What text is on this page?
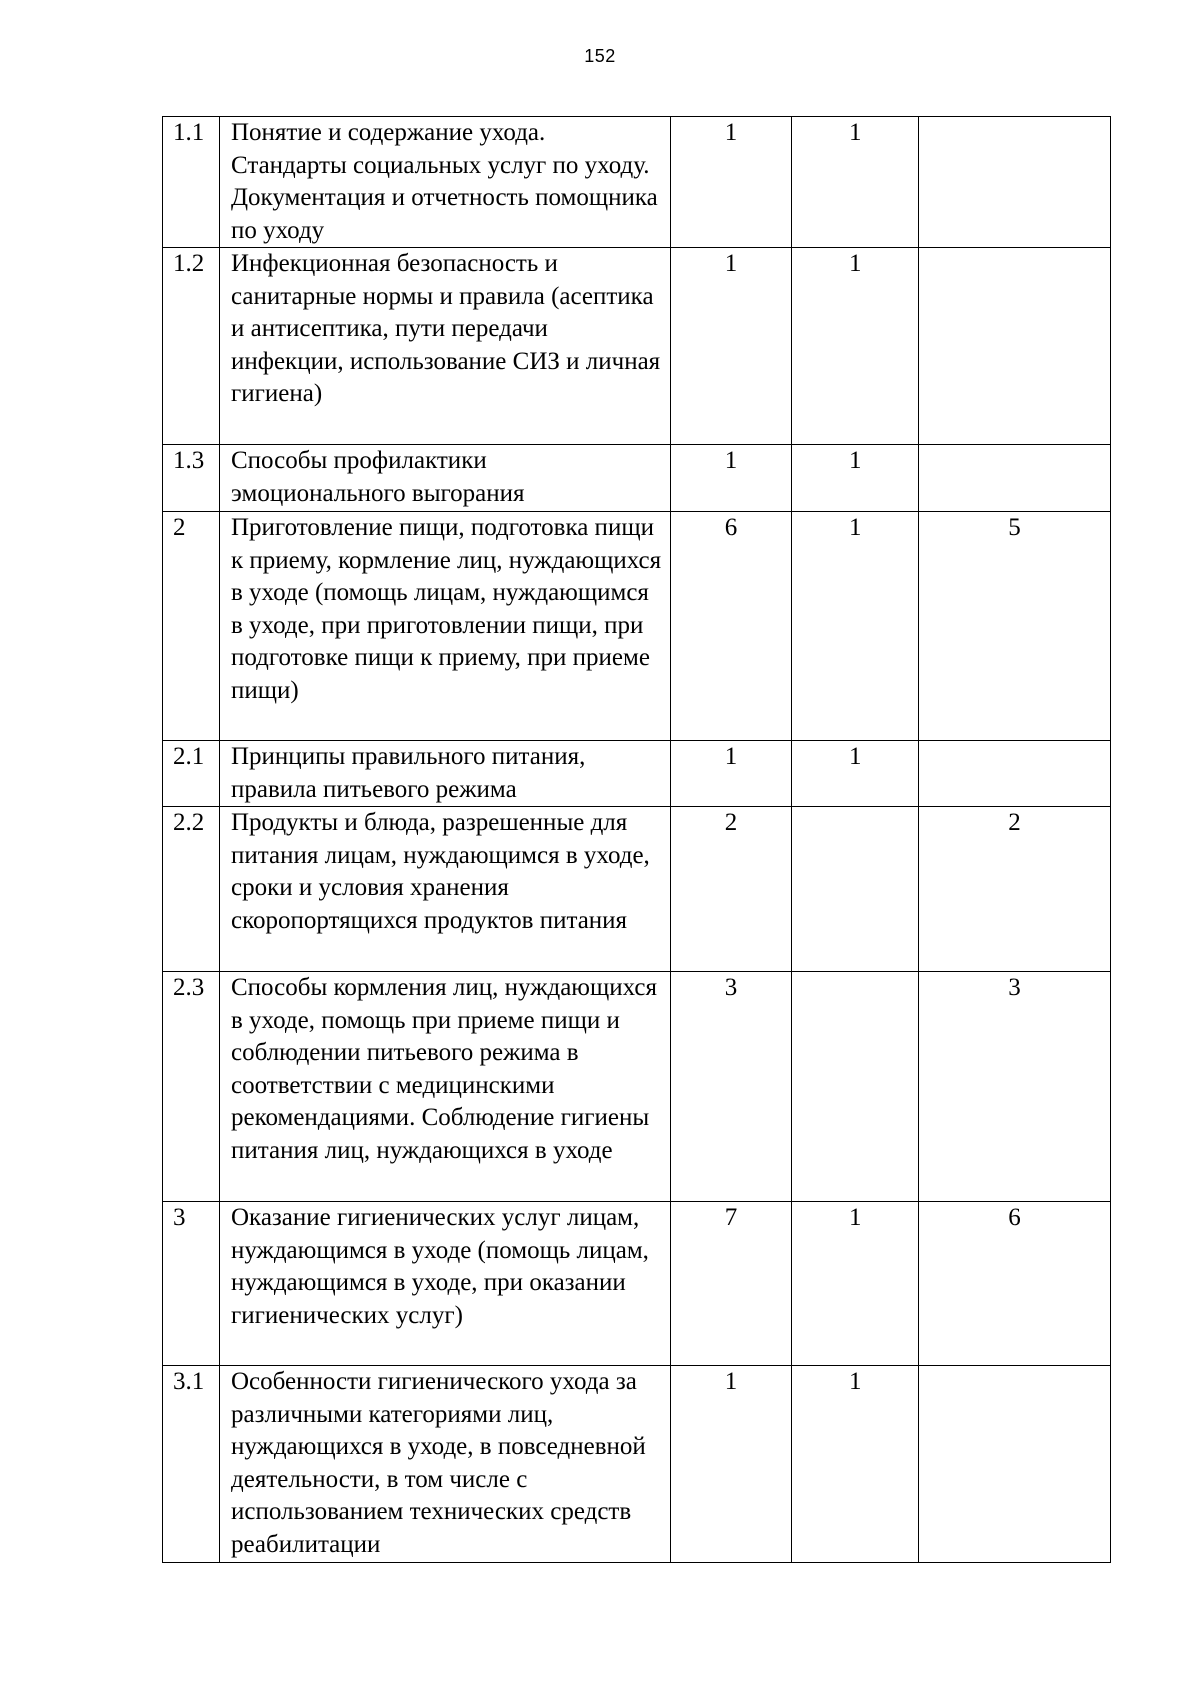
152
1.1	Понятие и содержание ухода. Стандарты социальных услуг по уходу. Документация и отчетность помощника по уходу	1	1	
1.2	Инфекционная безопасность и санитарные нормы и правила (асептика и антисептика, пути передачи инфекции, использование СИЗ и личная гигиена)	1	1	
1.3	Способы профилактики эмоционального выгорания	1	1	
2	Приготовление пищи, подготовка пищи к приему, кормление лиц, нуждающихся в уходе (помощь лицам, нуждающимся в уходе, при приготовлении пищи, при подготовке пищи к приему, при приеме пищи)	6	1	5
2.1	Принципы правильного питания, правила питьевого режима	1	1	
2.2	Продукты и блюда, разрешенные для питания лицам, нуждающимся в уходе, сроки и условия хранения скоропортящихся продуктов питания	2		2
2.3	Способы кормления лиц, нуждающихся в уходе, помощь при приеме пищи и соблюдении питьевого режима в соответствии с медицинскими рекомендациями. Соблюдение гигиены питания лиц, нуждающихся в уходе	3		3
3	Оказание гигиенических услуг лицам, нуждающимся в уходе (помощь лицам, нуждающимся в уходе, при оказании гигиенических услуг)	7	1	6
3.1	Особенности гигиенического ухода за различными категориями лиц, нуждающихся в уходе, в повседневной деятельности, в том числе с использованием технических средств реабилитации	1	1	
